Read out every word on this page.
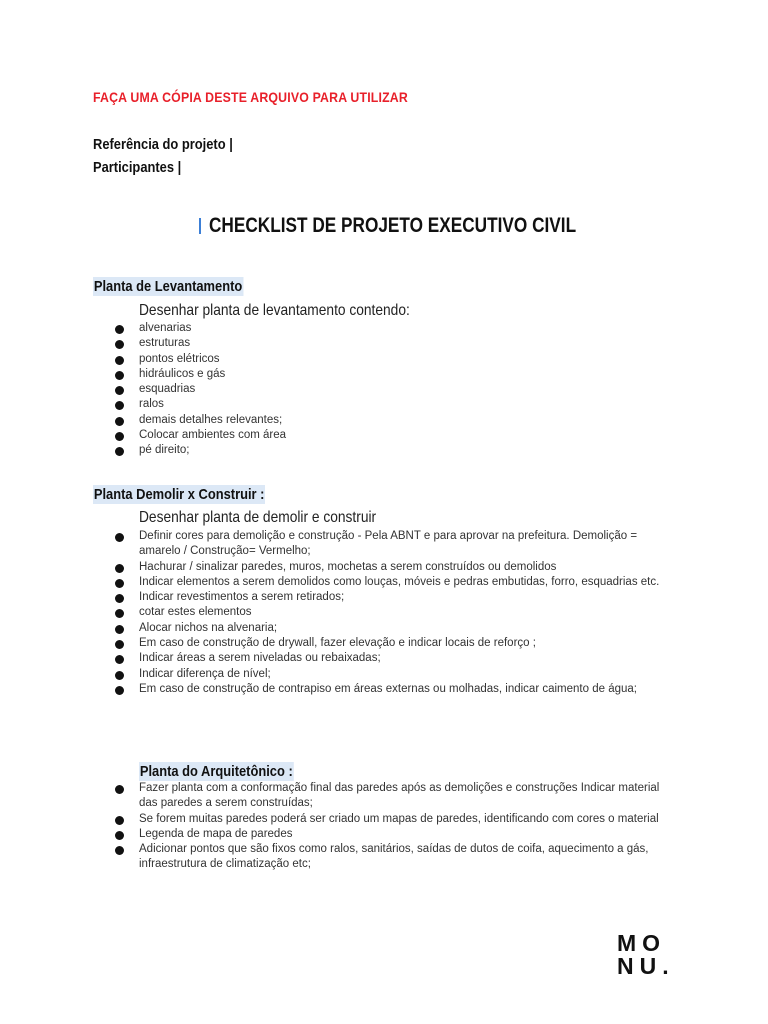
FAÇA UMA CÓPIA DESTE ARQUIVO PARA UTILIZAR
Referência do projeto |
Participantes |
CHECKLIST DE PROJETO EXECUTIVO CIVIL
Planta de Levantamento
Desenhar planta de levantamento contendo:
alvenarias
estruturas
pontos elétricos
hidráulicos e gás
esquadrias
ralos
demais detalhes relevantes;
Colocar ambientes com área
pé direito;
Planta Demolir x Construir :
Desenhar planta de demolir e construir
Definir cores para demolição e construção - Pela ABNT e para aprovar na prefeitura. Demolição = amarelo / Construção= Vermelho;
Hachurar / sinalizar paredes, muros, mochetas a serem construídos ou demolidos
Indicar elementos a serem demolidos como louças, móveis e pedras embutidas, forro, esquadrias etc.
Indicar revestimentos a serem retirados;
cotar estes elementos
Alocar nichos na alvenaria;
Em caso de construção de drywall, fazer elevação e indicar locais de reforço ;
Indicar áreas a serem niveladas ou rebaixadas;
Indicar diferença de nível;
Em caso de construção de contrapiso em áreas externas ou molhadas, indicar caimento de água;
Planta do Arquitetônico :
Fazer planta com a conformação final das paredes após as demolições e construções Indicar material das paredes a serem construídas;
Se forem muitas paredes poderá ser criado um mapas de paredes, identificando com cores o material
Legenda de mapa de paredes
Adicionar pontos que são fixos como ralos, sanitários, saídas de dutos de coifa, aquecimento a gás, infraestrutura de climatização etc;
MO
NU.
